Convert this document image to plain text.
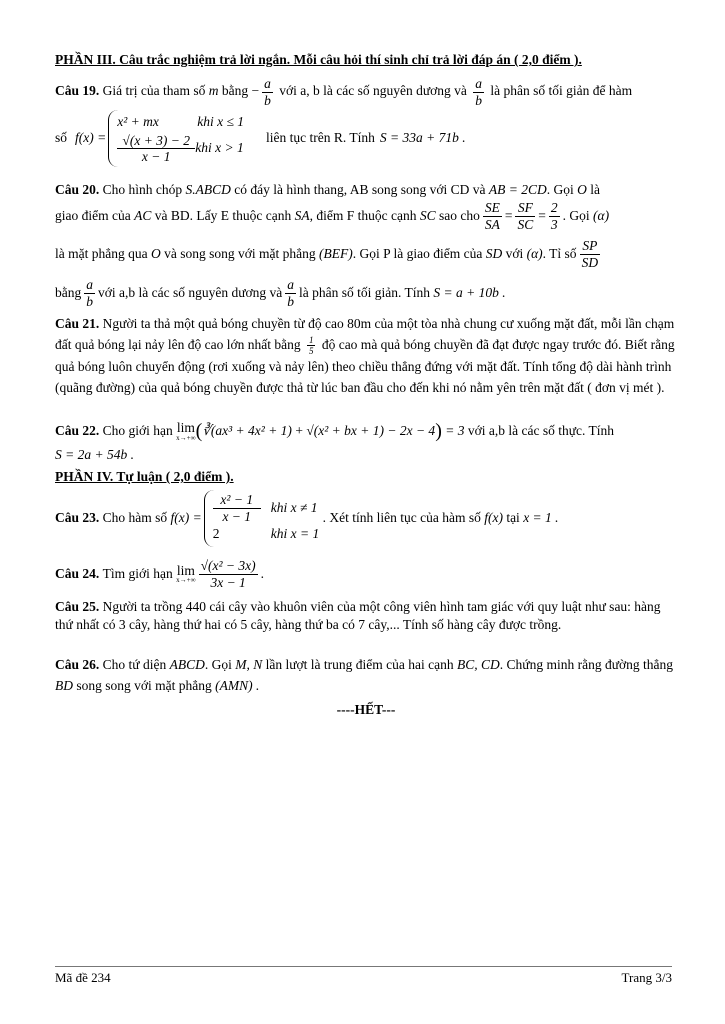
PHẦN III. Câu trắc nghiệm trả lời ngắn. Mỗi câu hỏi thí sinh chỉ trả lời đáp án ( 2,0 điểm ).
Câu 19. Giá trị của tham số m bằng − $\frac{a}{b}$ với a, b là các số nguyên dương và $\frac{a}{b}$ là phân số tối giản để hàm
số f(x) =
x² + mx	khi x ≤ 1
$\frac{√(x + 3) - 2}{x - 1}$ khi x > 1
liên tục trên R. Tính S = 33a + 71b .
Câu 20. Cho hình chóp S.ABCD có đáy là hình thang, AB song song với CD và AB = 2CD. Gọi O là
giao điểm của
AC
và BD. Lấy E thuộc cạnh
SA , điểm F thuộc cạnh
SC
sao cho $\frac{SE}{SA} = \frac{SF}{SC} = \frac{2}{3}$ . Gọi
(α)
là mặt phẳng qua
O
và song song với mặt phẳng
(BEF) . Gọi P là giao điểm của
SD
với
(α) . Tỉ số $\frac{SP}{SD}$
bằng $\frac{a}{b}$ với a,b là các số nguyên dương và $\frac{a}{b}$ là phân số tối giản. Tính
S = a + 10b .
Câu 21. Người ta thả một quả bóng chuyền từ độ cao 80m của một tòa nhà chung cư xuống mặt đất, mỗi lần chạm đất quả bóng lại nảy lên độ cao lớn nhất bằng $\frac{1}{5}$ độ cao mà quả bóng chuyền đã đạt được ngay trước đó. Biết rằng quả bóng luôn chuyển động (rơi xuống và nảy lên) theo chiều thẳng đứng với mặt đất. Tính tổng độ dài hành trình (quãng đường) của quả bóng chuyền được thả từ lúc ban đầu cho đến khi nó nằm yên trên mặt đất ( đơn vị mét ).
Câu 22.
Cho giới hạn
lim
x→+∞ ( ∛(ax³ + 4x² + 1)
+
√(x² + bx + 1)
− 2x − 4 )
= 3
với a,b là các số thực. Tính
S = 2a + 54b .
PHẦN IV. Tự luận ( 2,0 điểm ).
Câu 23.
Cho hàm số
$f(x) = \frac{\text{x² − 1}}{x - 1}$ khi x ≠ 1
2	khi x = 1

. Xét tính liên tục của hàm số
f(x)
tại
x = 1 .
Câu 24.
Tìm giới hạn
lim
$x\to+\infty \frac{\text{√(x² − 3x)}}{3x - 1}$ .
Câu 25. Người ta trồng 440 cái cây vào khuôn viên của một công viên hình tam giác với quy luật như sau: hàng thứ nhất có 3 cây, hàng thứ hai có 5 cây, hàng thứ ba có 7 cây,... Tính số hàng cây được trồng.
Câu 26. Cho tứ diện ABCD. Gọi M, N lần lượt là trung điểm của hai cạnh BC, CD. Chứng minh rằng đường thẳng BD song song với mặt phẳng (AMN) .
----HẾT---
Mã đề 234	Trang 3/3
